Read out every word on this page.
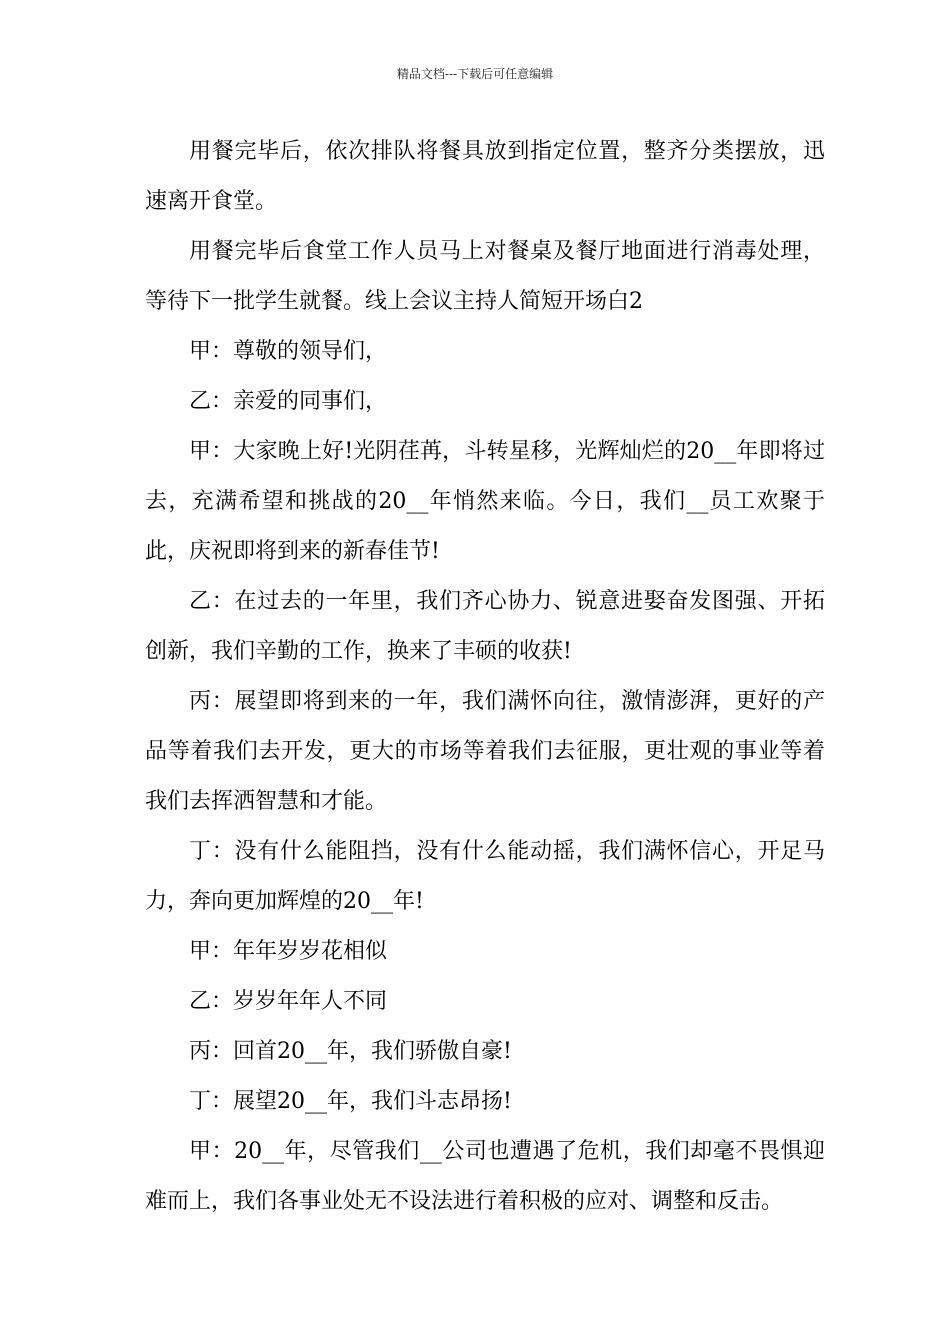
精品文档---下载后可任意编辑

用餐完毕后，依次排队将餐具放到指定位置，整齐分类摆放，迅速离开食堂。

用餐完毕后食堂工作人员马上对餐桌及餐厅地面进行消毒处理，等待下一批学生就餐。线上会议主持人简短开场白2

甲：尊敬的领导们，

乙：亲爱的同事们，

甲：大家晚上好!光阴荏苒，斗转星移，光辉灿烂的20__年即将过去，充满希望和挑战的20__年悄然来临。今日，我们__员工欢聚于此，庆祝即将到来的新春佳节!

乙：在过去的一年里，我们齐心协力、锐意进娶奋发图强、开拓创新，我们辛勤的工作，换来了丰硕的收获!

丙：展望即将到来的一年，我们满怀向往，激情澎湃，更好的产品等着我们去开发，更大的市场等着我们去征服，更壮观的事业等着我们去挥洒智慧和才能。

丁：没有什么能阻挡，没有什么能动摇，我们满怀信心，开足马力，奔向更加辉煌的20__年!

甲：年年岁岁花相似

乙：岁岁年年人不同

丙：回首20__年，我们骄傲自豪!

丁：展望20__年，我们斗志昂扬!

甲：20__年，尽管我们__公司也遭遇了危机，我们却毫不畏惧迎难而上，我们各事业处无不设法进行着积极的应对、调整和反击。
